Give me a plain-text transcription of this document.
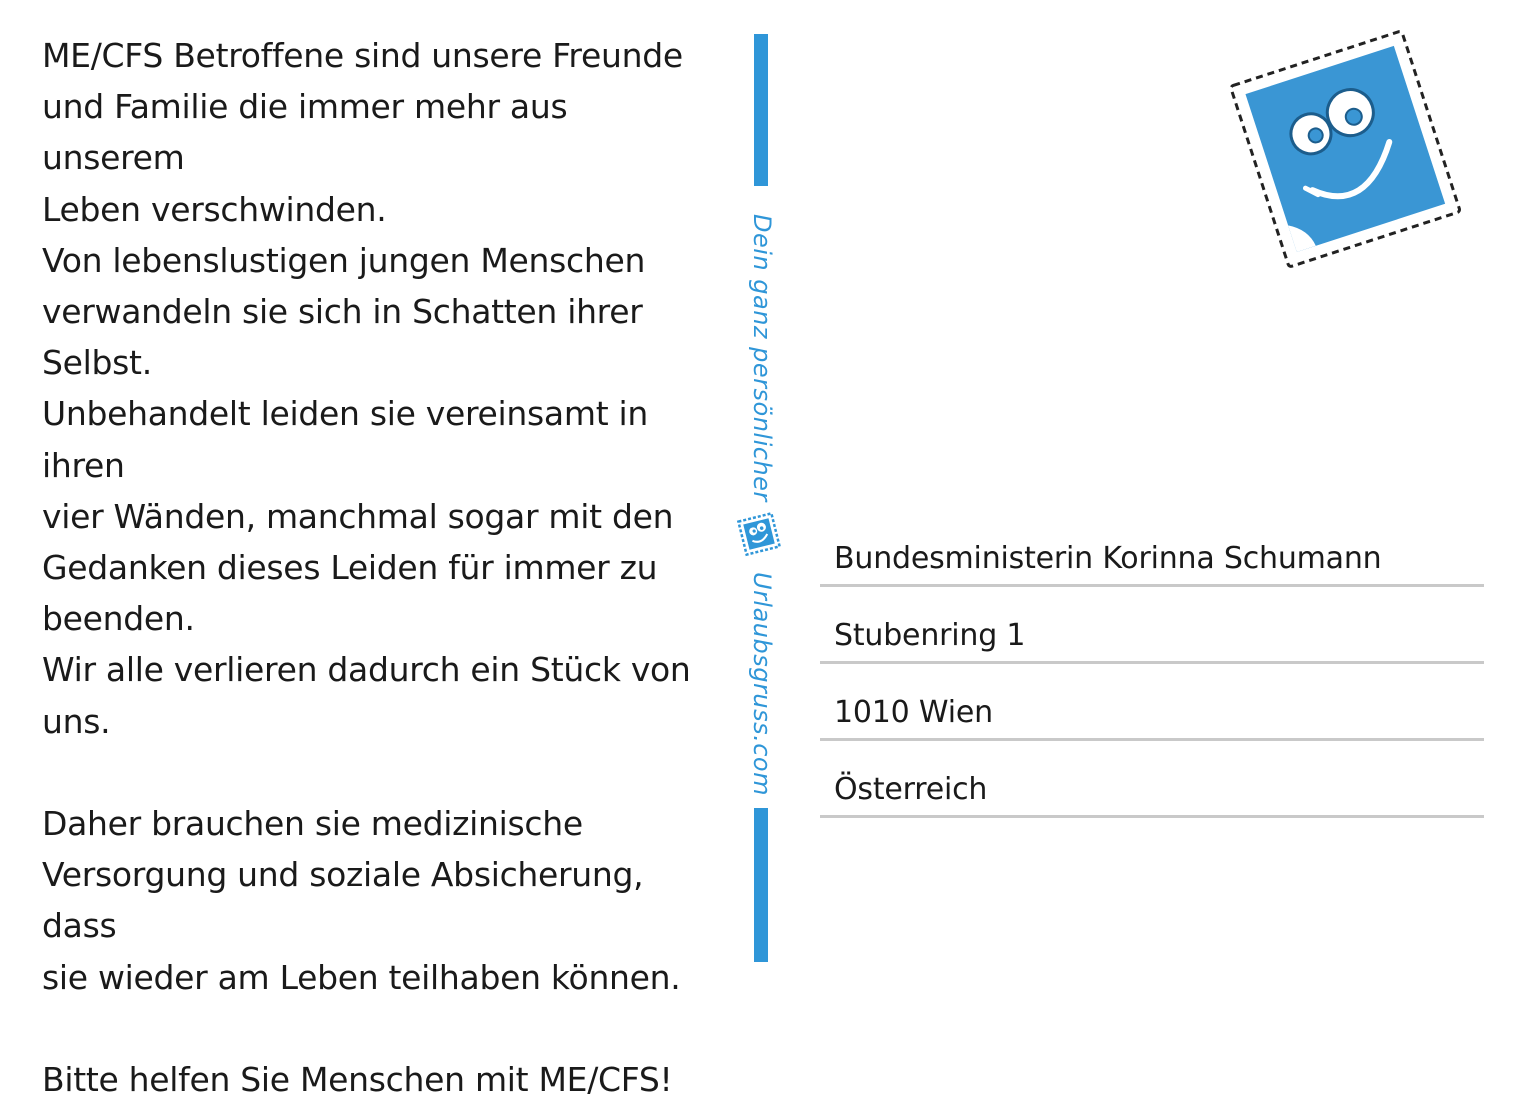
ME/CFS Betroffene sind unsere Freunde

und Familie die immer mehr aus unserem

Leben verschwinden.

Von lebenslustigen jungen Menschen

verwandeln sie sich in Schatten ihrer

Selbst.

Unbehandelt leiden sie vereinsamt in ihren

vier Wänden, manchmal sogar mit den

Gedanken dieses Leiden für immer zu

beenden.

Wir alle verlieren dadurch ein Stück von

uns.

Daher brauchen sie medizinische

Versorgung und soziale Absicherung, dass

sie wieder am Leben teilhaben können.

Bitte helfen Sie Menschen mit ME/CFS!

Dein ganz persönlicher
Urlaubsgruss.com
Bundesministerin Korinna Schumann
Stubenring 1
1010 Wien
Österreich
